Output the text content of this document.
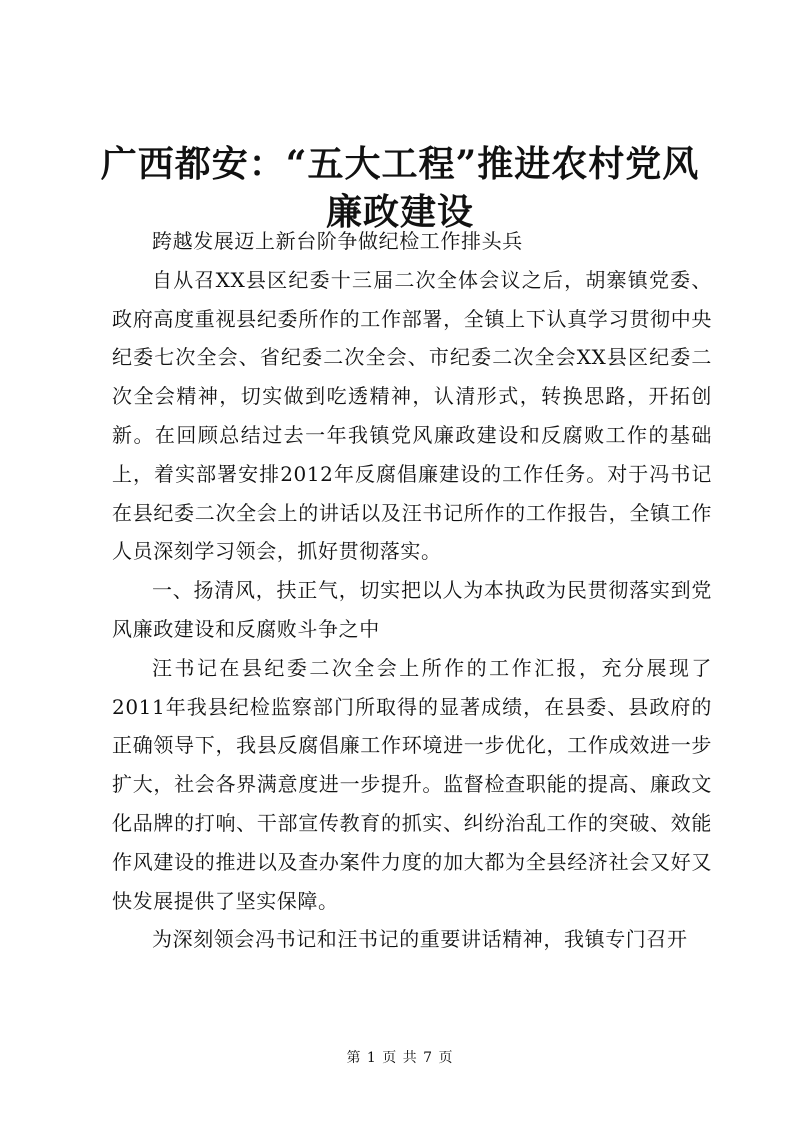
广西都安：“五大工程”推进农村党风廉政建设

跨越发展迈上新台阶争做纪检工作排头兵

自从召XX县区纪委十三届二次全体会议之后，胡寨镇党委、政府高度重视县纪委所作的工作部署，全镇上下认真学习贯彻中央纪委七次全会、省纪委二次全会、市纪委二次全会XX县区纪委二次全会精神，切实做到吃透精神，认清形式，转换思路，开拓创新。在回顾总结过去一年我镇党风廉政建设和反腐败工作的基础上，着实部署安排2012年反腐倡廉建设的工作任务。对于冯书记在县纪委二次全会上的讲话以及汪书记所作的工作报告，全镇工作人员深刻学习领会，抓好贯彻落实。

一、扬清风，扶正气，切实把以人为本执政为民贯彻落实到党风廉政建设和反腐败斗争之中

汪书记在县纪委二次全会上所作的工作汇报，充分展现了2011年我县纪检监察部门所取得的显著成绩，在县委、县政府的正确领导下，我县反腐倡廉工作环境进一步优化，工作成效进一步扩大，社会各界满意度进一步提升。监督检查职能的提高、廉政文化品牌的打响、干部宣传教育的抓实、纠纷治乱工作的突破、效能作风建设的推进以及查办案件力度的加大都为全县经济社会又好又快发展提供了坚实保障。

为深刻领会冯书记和汪书记的重要讲话精神，我镇专门召开

第 1 页 共 7 页
